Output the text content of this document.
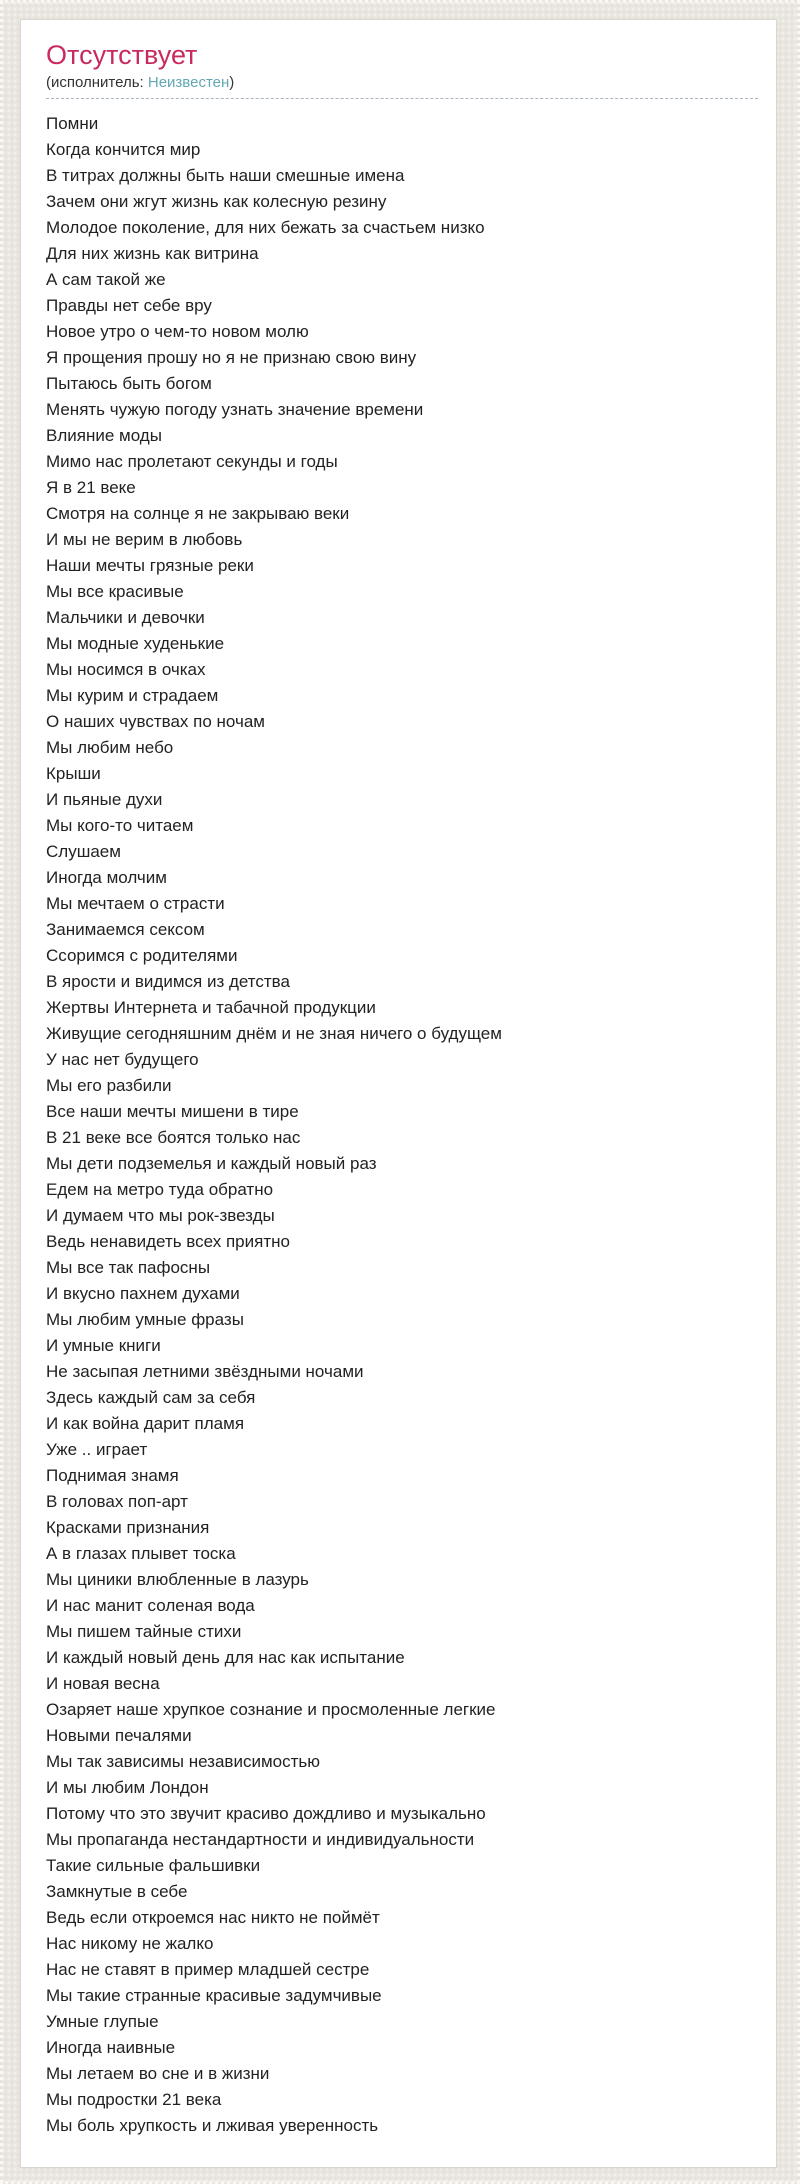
Отсутствует
(исполнитель: Неизвестен)
Помни
Когда кончится мир
В титрах должны быть наши смешные имена
Зачем они жгут жизнь как колесную резину
Молодое поколение, для них бежать за счастьем низко
Для них жизнь как витрина
А сам такой же
Правды нет себе вру
Новое утро о чем-то новом молю
Я прощения прошу но я не признаю свою вину
Пытаюсь быть богом
Менять чужую погоду узнать значение времени
Влияние моды
Мимо нас пролетают секунды и годы
Я в 21 веке
Смотря на солнце я не закрываю веки
И мы не верим в любовь
Наши мечты грязные реки
Мы все красивые
Мальчики и девочки
Мы модные худенькие
Мы носимся в очках
Мы курим и страдаем
О наших чувствах по ночам
Мы любим небо
Крыши
И пьяные духи
Мы кого-то читаем
Слушаем
Иногда молчим
Мы мечтаем о страсти
Занимаемся сексом
Ссоримся с родителями
В ярости и видимся из детства
Жертвы Интернета и табачной продукции
Живущие сегодняшним днём и не зная ничего о будущем
У нас нет будущего
Мы его разбили
Все наши мечты мишени в тире
В 21 веке все боятся только нас
Мы дети подземелья и каждый новый раз
Едем на метро туда обратно
И думаем что мы рок-звезды
Ведь ненавидеть всех приятно
Мы все так пафосны
И вкусно пахнем духами
Мы любим умные фразы
И умные книги
Не засыпая летними звёздными ночами
Здесь каждый сам за себя
И как война дарит пламя
Уже .. играет
Поднимая знамя
В головах поп-арт
Красками признания
А в глазах плывет тоска
Мы циники влюбленные в лазурь
И нас манит соленая вода
Мы пишем тайные стихи
И каждый новый день для нас как испытание
И новая весна
Озаряет наше хрупкое сознание и просмоленные легкие
Новыми печалями
Мы так зависимы независимостью
И мы любим Лондон
Потому что это звучит красиво дождливо и музыкально
Мы пропаганда нестандартности и индивидуальности
Такие сильные фальшивки
Замкнутые в себе
Ведь если откроемся нас никто не поймёт
Нас никому не жалко
Нас не ставят в пример младшей сестре
Мы такие странные красивые задумчивые
Умные глупые
Иногда наивные
Мы летаем во сне и в жизни
Мы подростки 21 века
Мы боль хрупкость и лживая уверенность
